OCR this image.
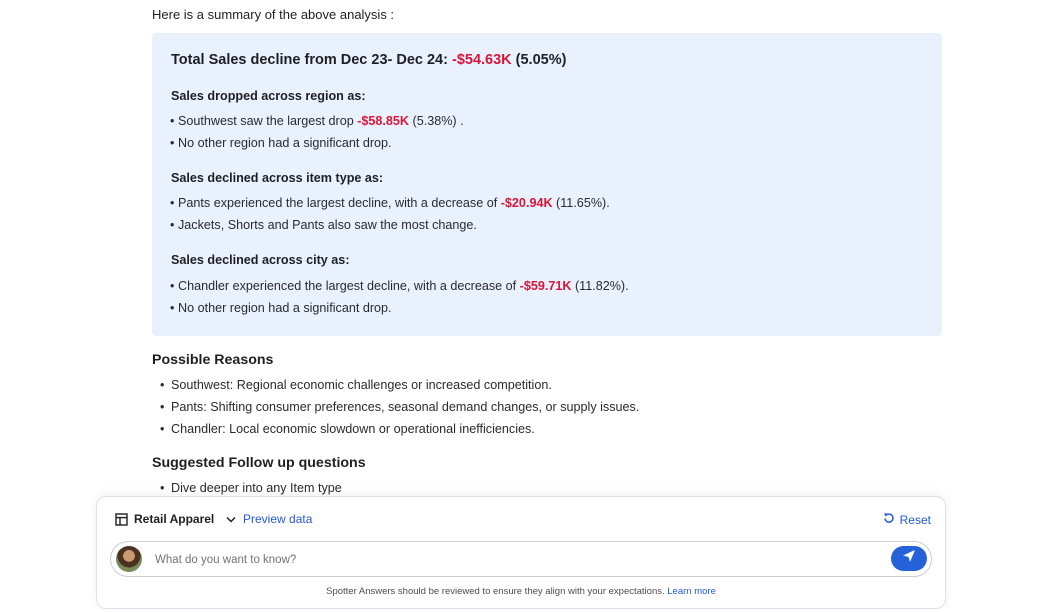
Here is a summary of the above analysis :
Total Sales decline from Dec 23- Dec 24: -$54.63K (5.05%)
Sales dropped across region as:
• Southwest saw the largest drop -$58.85K (5.38%) .
• No other region had a significant drop.
Sales declined across item type as:
• Pants experienced the largest decline, with a decrease of -$20.94K (11.65%).
• Jackets, Shorts and Pants also saw the most change.
Sales declined across city as:
• Chandler experienced the largest decline, with a decrease of -$59.71K (11.82%).
• No other region had a significant drop.
Possible Reasons
• Southwest: Regional economic challenges or increased competition.
• Pants: Shifting consumer preferences, seasonal demand changes, or supply issues.
• Chandler: Local economic slowdown or operational inefficiencies.
Suggested Follow up questions
• Dive deeper into any Item type
Retail Apparel Preview data	Reset
What do you want to know?
Spotter Answers should be reviewed to ensure they align with your expectations. Learn more
